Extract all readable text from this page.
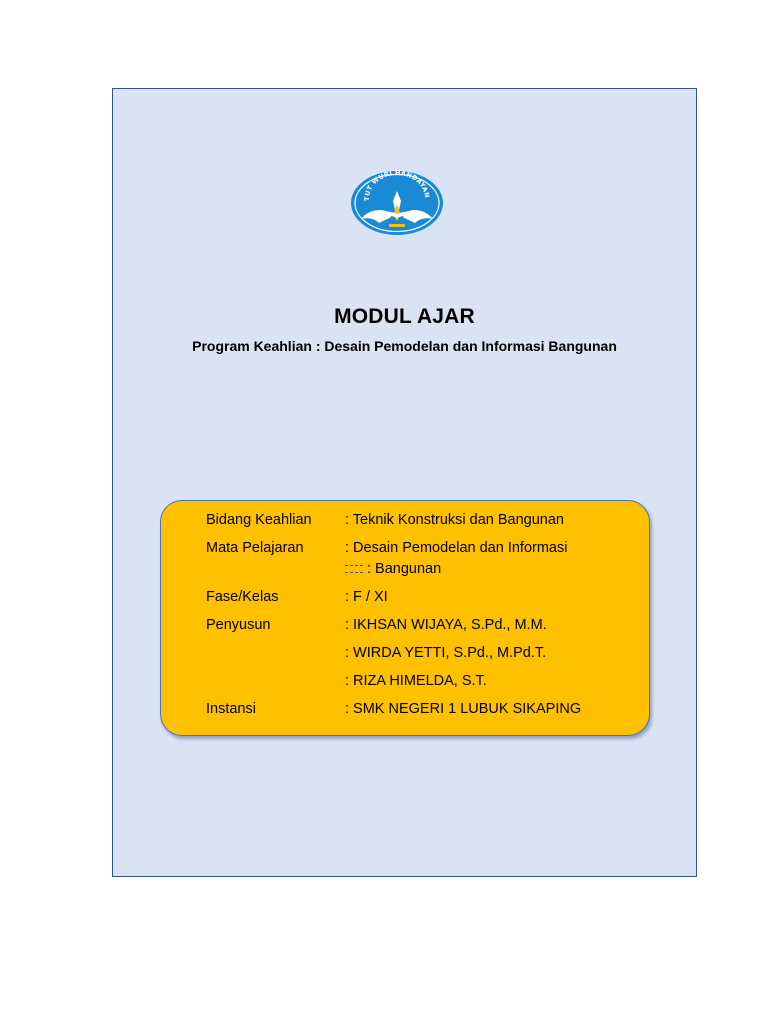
TUT WURI HANDAYAN
MODUL AJAR
Program Keahlian : Desain Pemodelan dan Informasi Bangunan
Bidang Keahlian : Teknik Konstruksi dan Bangunan
Mata Pelajaran	: Desain Pemodelan dan Informasi
: Bangunan
Fase/Kelas	: F / XI
Penyusun	: IKHSAN WIJAYA, S.Pd., M.M.
: WIRDA YETTI, S.Pd., M.Pd.T.
: RIZA HIMELDA, S.T.
Instansi	: SMK NEGERI 1 LUBUK SIKAPING
